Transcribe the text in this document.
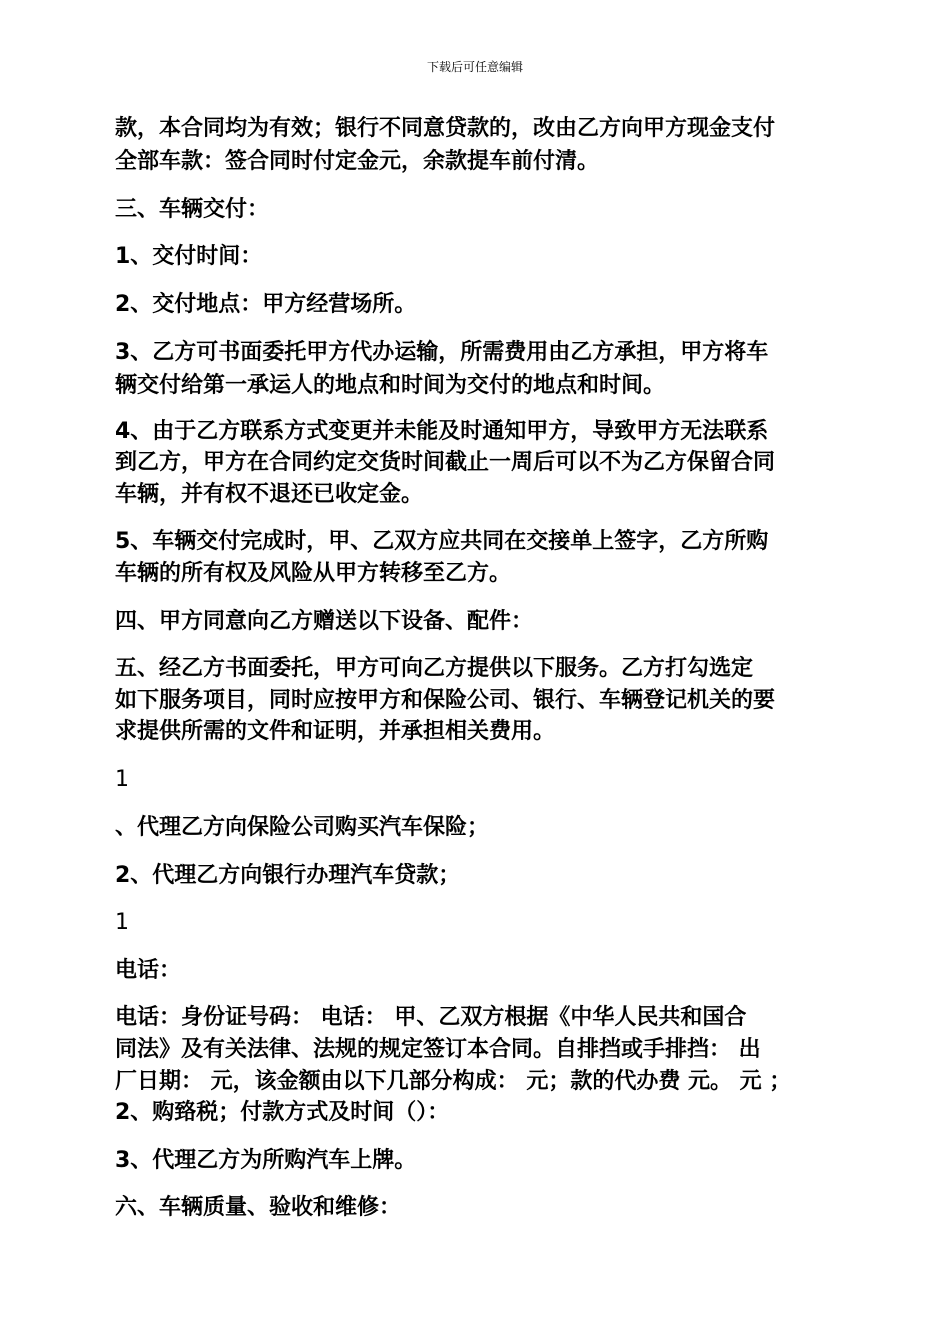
下载后可任意编辑
款，本合同均为有效；银行不同意贷款的，改由乙方向甲方现金支付
全部车款：签合同时付定金元，余款提车前付清。
三、车辆交付：
1、交付时间：
2、交付地点：甲方经营场所。
3、乙方可书面委托甲方代办运输，所需费用由乙方承担，甲方将车
辆交付给第一承运人的地点和时间为交付的地点和时间。
4、由于乙方联系方式变更并未能及时通知甲方，导致甲方无法联系
到乙方，甲方在合同约定交货时间截止一周后可以不为乙方保留合同
车辆，并有权不退还已收定金。
5、车辆交付完成时，甲、乙双方应共同在交接单上签字，乙方所购
车辆的所有权及风险从甲方转移至乙方。
四、甲方同意向乙方赠送以下设备、配件：
五、经乙方书面委托，甲方可向乙方提供以下服务。乙方打勾选定
如下服务项目，同时应按甲方和保险公司、银行、车辆登记机关的要
求提供所需的文件和证明，并承担相关费用。
1
、代理乙方向保险公司购买汽车保险；
2、代理乙方向银行办理汽车贷款；
1
电话：
电话：身份证号码： 电话： 甲、乙双方根据《中华人民共和国合
同法》及有关法律、法规的规定签订本合同。自排挡或手排挡： 出
厂日期： 元，该金额由以下几部分构成： 元；款的代办费 元。 元 ；
2、购臵税；付款方式及时间（）：
3、代理乙方为所购汽车上牌。
六、车辆质量、验收和维修：
